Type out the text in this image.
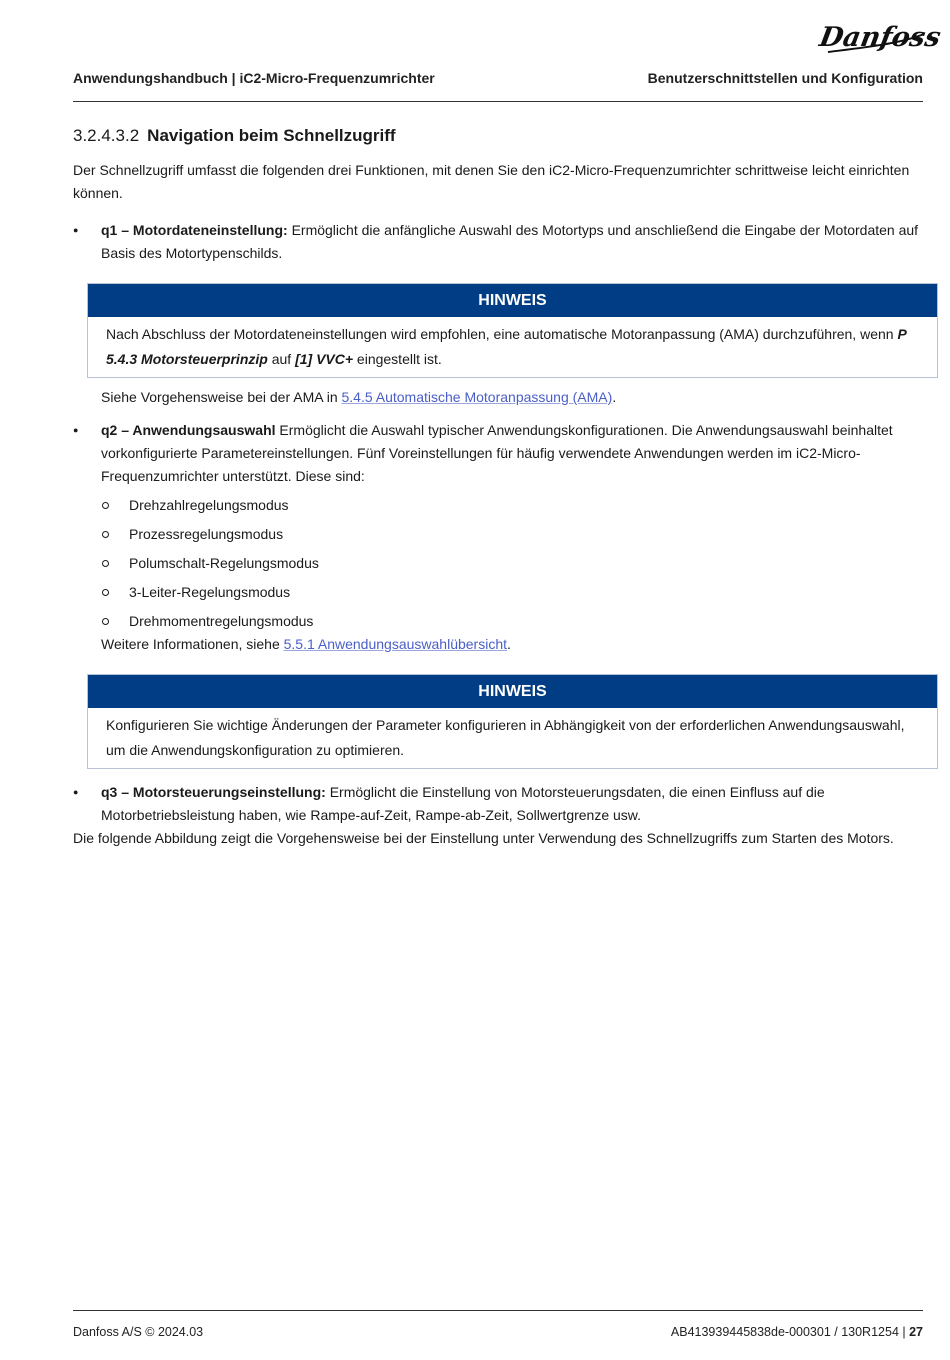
Danfoss
Anwendungshandbuch | iC2-Micro-Frequenzumrichter	Benutzerschnittstellen und Konfiguration
3.2.4.3.2 Navigation beim Schnellzugriff

Der Schnellzugriff umfasst die folgenden drei Funktionen, mit denen Sie den iC2-Micro-Frequenzumrichter schrittweise leicht einrichten können.

● q1 – Motordateneinstellung: Ermöglicht die anfängliche Auswahl des Motortyps und anschließend die Eingabe der Motordaten auf Basis des Motortypenschilds.
HINWEIS
Nach Abschluss der Motordateneinstellungen wird empfohlen, eine automatische Motoranpassung (AMA) durchzuführen, wenn P 5.4.3 Motorsteuerprinzip auf [1] VVC+ eingestellt ist.

Siehe Vorgehensweise bei der AMA in 5.4.5 Automatische Motoranpassung (AMA).

● q2 – Anwendungsauswahl Ermöglicht die Auswahl typischer Anwendungskonfigurationen. Die Anwendungsauswahl beinhaltet vorkonfigurierte Parametereinstellungen. Fünf Voreinstellungen für häufig verwendete Anwendungen werden im iC2-Micro-Frequenzumrichter unterstützt. Diese sind:
Drehzahlregelungsmodus
Prozessregelungsmodus
Polumschalt-Regelungsmodus
3-Leiter-Regelungsmodus
Drehmomentregelungsmodus

Weitere Informationen, siehe 5.5.1 Anwendungsauswahlübersicht.

HINWEIS
Konfigurieren Sie wichtige Änderungen der Parameter konfigurieren in Abhängigkeit von der erforderlichen Anwendungsauswahl, um die Anwendungskonfiguration zu optimieren.
● q3 – Motorsteuerungseinstellung: Ermöglicht die Einstellung von Motorsteuerungsdaten, die einen Einfluss auf die Motorbetriebsleistung haben, wie Rampe-auf-Zeit, Rampe-ab-Zeit, Sollwertgrenze usw.

Die folgende Abbildung zeigt die Vorgehensweise bei der Einstellung unter Verwendung des Schnellzugriffs zum Starten des Motors.

Danfoss A/S © 2024.03	AB413939445838de-000301 / 130R1254 | 27
